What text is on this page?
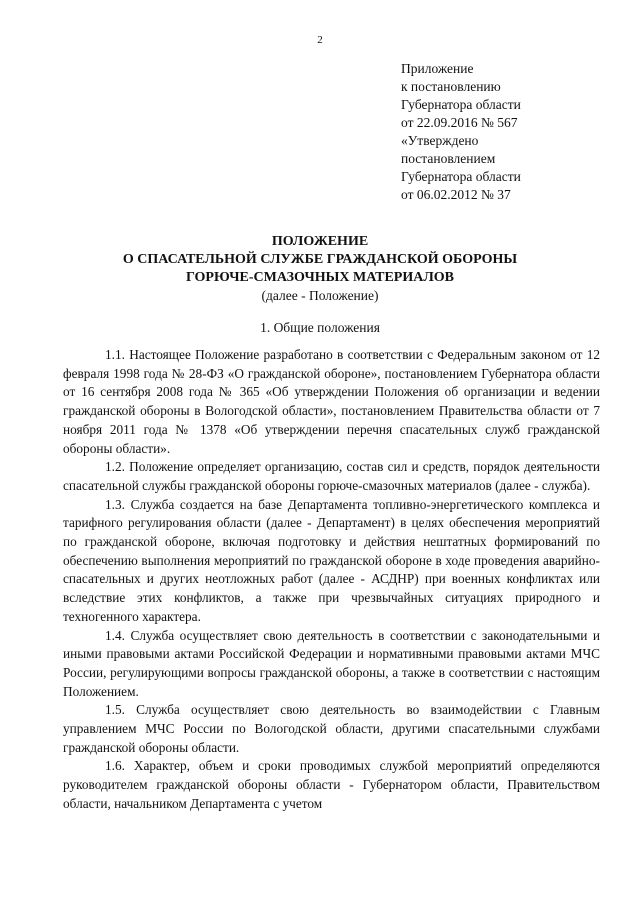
2
Приложение
к постановлению
Губернатора области
от 22.09.2016 № 567
«Утверждено
постановлением
Губернатора области
от 06.02.2012 № 37
ПОЛОЖЕНИЕ
О СПАСАТЕЛЬНОЙ СЛУЖБЕ ГРАЖДАНСКОЙ ОБОРОНЫ
ГОРЮЧЕ-СМАЗОЧНЫХ МАТЕРИАЛОВ
(далее - Положение)
1. Общие положения

1.1. Настоящее Положение разработано в соответствии с Федеральным законом от 12 февраля 1998 года № 28-ФЗ «О гражданской обороне», постановлением Губернатора области от 16 сентября 2008 года № 365 «Об утверждении Положения об организации и ведении гражданской обороны в Вологодской области», постановлением Правительства области от 7 ноября 2011 года № 1378 «Об утверждении перечня спасательных служб гражданской обороны области».

1.2. Положение определяет организацию, состав сил и средств, порядок деятельности спасательной службы гражданской обороны горюче-смазочных материалов (далее - служба).

1.3. Служба создается на базе Департамента топливно-энергетического комплекса и тарифного регулирования области (далее - Департамент) в целях обеспечения мероприятий по гражданской обороне, включая подготовку и действия нештатных формирований по обеспечению выполнения мероприятий по гражданской обороне в ходе проведения аварийно-спасательных и других неотложных работ (далее - АСДНР) при военных конфликтах или вследствие этих конфликтов, а также при чрезвычайных ситуациях природного и техногенного характера.

1.4. Служба осуществляет свою деятельность в соответствии с законодательными и иными правовыми актами Российской Федерации и нормативными правовыми актами МЧС России, регулирующими вопросы гражданской обороны, а также в соответствии с настоящим Положением.

1.5. Служба осуществляет свою деятельность во взаимодействии с Главным управлением МЧС России по Вологодской области, другими спасательными службами гражданской обороны области.

1.6. Характер, объем и сроки проводимых службой мероприятий определяются руководителем гражданской обороны области - Губернатором области, Правительством области, начальником Департамента с учетом
